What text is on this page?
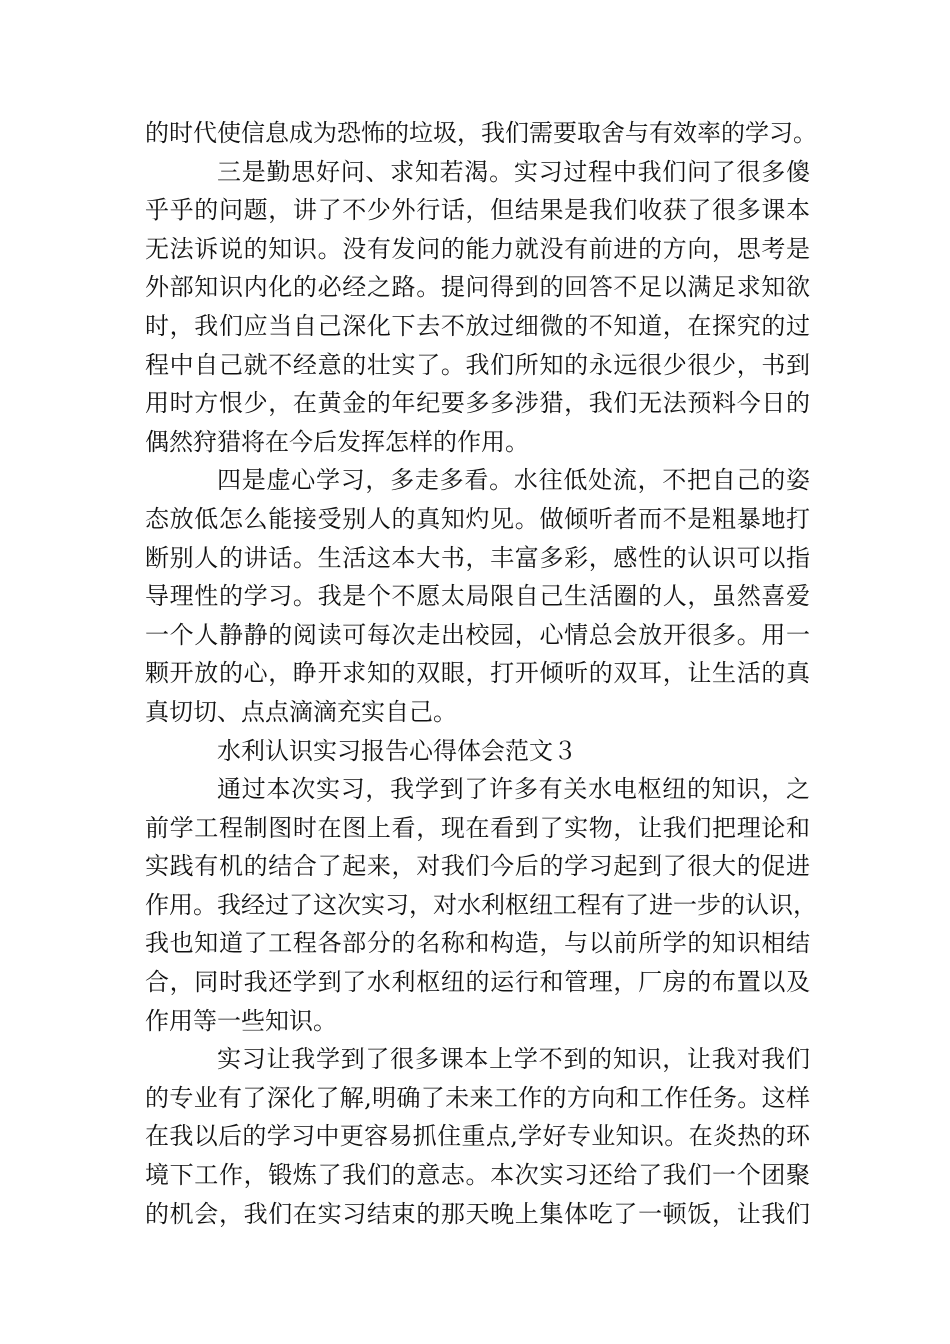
的时代使信息成为恐怖的垃圾，我们需要取舍与有效率的学习。
三是勤思好问、求知若渴。实习过程中我们问了很多傻
乎乎的问题，讲了不少外行话，但结果是我们收获了很多课本
无法诉说的知识。没有发问的能力就没有前进的方向，思考是
外部知识内化的必经之路。提问得到的回答不足以满足求知欲
时，我们应当自己深化下去不放过细微的不知道，在探究的过
程中自己就不经意的壮实了。我们所知的永远很少很少，书到
用时方恨少，在黄金的年纪要多多涉猎，我们无法预料今日的
偶然狩猎将在今后发挥怎样的作用。
四是虚心学习，多走多看。水往低处流，不把自己的姿
态放低怎么能接受别人的真知灼见。做倾听者而不是粗暴地打
断别人的讲话。生活这本大书，丰富多彩，感性的认识可以指
导理性的学习。我是个不愿太局限自己生活圈的人，虽然喜爱
一个人静静的阅读可每次走出校园，心情总会放开很多。用一
颗开放的心，睁开求知的双眼，打开倾听的双耳，让生活的真
真切切、点点滴滴充实自己。
水利认识实习报告心得体会范文３
通过本次实习，我学到了许多有关水电枢纽的知识，之
前学工程制图时在图上看，现在看到了实物，让我们把理论和
实践有机的结合了起来，对我们今后的学习起到了很大的促进
作用。我经过了这次实习，对水利枢纽工程有了进一步的认识，
我也知道了工程各部分的名称和构造，与以前所学的知识相结
合，同时我还学到了水利枢纽的运行和管理，厂房的布置以及
作用等一些知识。
实习让我学到了很多课本上学不到的知识，让我对我们
的专业有了深化了解,明确了未来工作的方向和工作任务。这样
在我以后的学习中更容易抓住重点,学好专业知识。在炎热的环
境下工作，锻炼了我们的意志。本次实习还给了我们一个团聚
的机会，我们在实习结束的那天晚上集体吃了一顿饭，让我们
